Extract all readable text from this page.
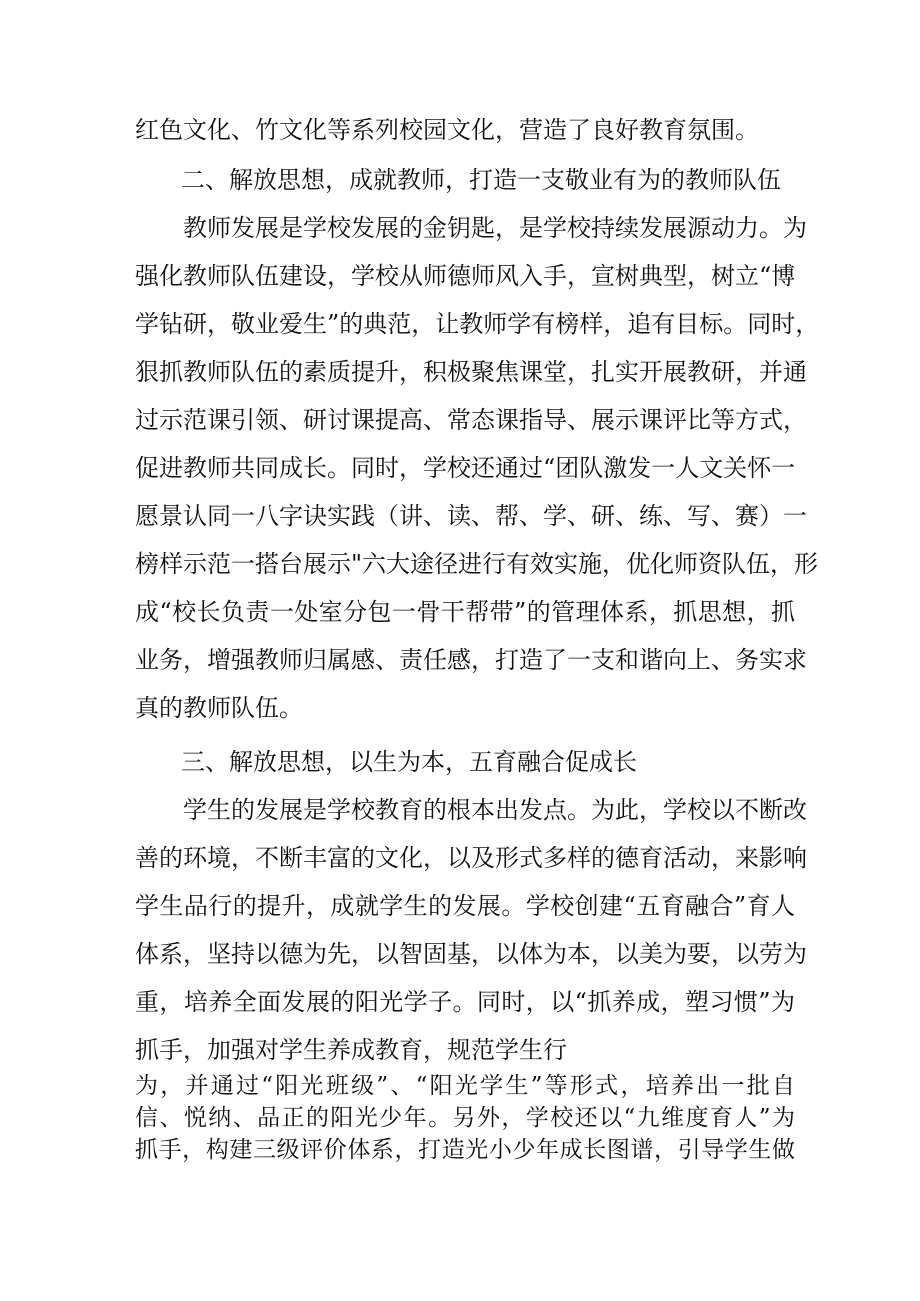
红色文化、竹文化等系列校园文化，营造了良好教育氛围。
二、解放思想，成就教师，打造一支敬业有为的教师队伍
教师发展是学校发展的金钥匙，是学校持续发展源动力。为
强化教师队伍建设，学校从师德师风入手，宣树典型，树立“博
学钻研，敬业爱生”的典范，让教师学有榜样，追有目标。同时，
狠抓教师队伍的素质提升，积极聚焦课堂，扎实开展教研，并通
过示范课引领、研讨课提高、常态课指导、展示课评比等方式，
促进教师共同成长。同时，学校还通过“团队激发一人文关怀一
愿景认同一八字诀实践（讲、读、帮、学、研、练、写、赛）一
榜样示范一搭台展示"六大途径进行有效实施，优化师资队伍，形
成“校长负责一处室分包一骨干帮带”的管理体系，抓思想，抓
业务，增强教师归属感、责任感，打造了一支和谐向上、务实求
真的教师队伍。
三、解放思想，以生为本，五育融合促成长
学生的发展是学校教育的根本出发点。为此，学校以不断改
善的环境，不断丰富的文化，以及形式多样的德育活动，来影响
学生品行的提升，成就学生的发展。学校创建“五育融合”育人
体系，坚持以德为先，以智固基，以体为本，以美为要，以劳为
重，培养全面发展的阳光学子。同时，以“抓养成，塑习惯”为
抓手，加强对学生养成教育，规范学生行
为，并通过“阳光班级”、“阳光学生”等形式，培养出一批自
信、悦纳、品正的阳光少年。另外，学校还以“九维度育人”为
抓手，构建三级评价体系，打造光小少年成长图谱，引导学生做
